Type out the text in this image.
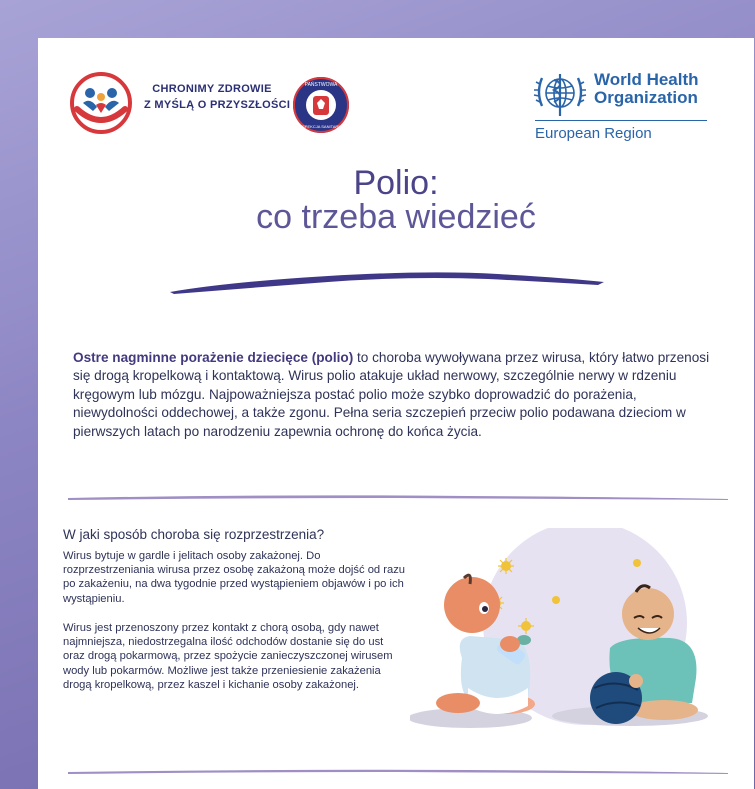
CHRONIMY ZDROWIE
Z MYŚLĄ O PRZYSZŁOŚCI
PAŃSTWOWA
INSPEKCJA SANITARNA
World Health
Organization
European Region
Polio:
co trzeba wiedzieć
Ostre nagminne porażenie dziecięce (polio) to choroba wywoływana przez wirusa, który łatwo przenosi się drogą kropelkową i kontaktową. Wirus polio atakuje układ nerwowy, szczególnie nerwy w rdzeniu kręgowym lub mózgu. Najpoważniejsza postać polio może szybko doprowadzić do porażenia, niewydolności oddechowej, a także zgonu. Pełna seria szczepień przeciw polio podawana dzieciom w pierwszych latach po narodzeniu zapewnia ochronę do końca życia.
W jaki sposób choroba się rozprzestrzenia?
Wirus bytuje w gardle i jelitach osoby zakażonej. Do rozprzestrzeniania wirusa przez osobę zakażoną może dojść od razu po zakażeniu, na dwa tygodnie przed wystąpieniem objawów i po ich wystąpieniu.
Wirus jest przenoszony przez kontakt z chorą osobą, gdy nawet najmniejsza, niedostrzegalna ilość odchodów dostanie się do ust oraz drogą pokarmową, przez spożycie zanieczyszczonej wirusem wody lub pokarmów. Możliwe jest także przeniesienie zakażenia drogą kropelkową, przez kaszel i kichanie osoby zakażonej.
